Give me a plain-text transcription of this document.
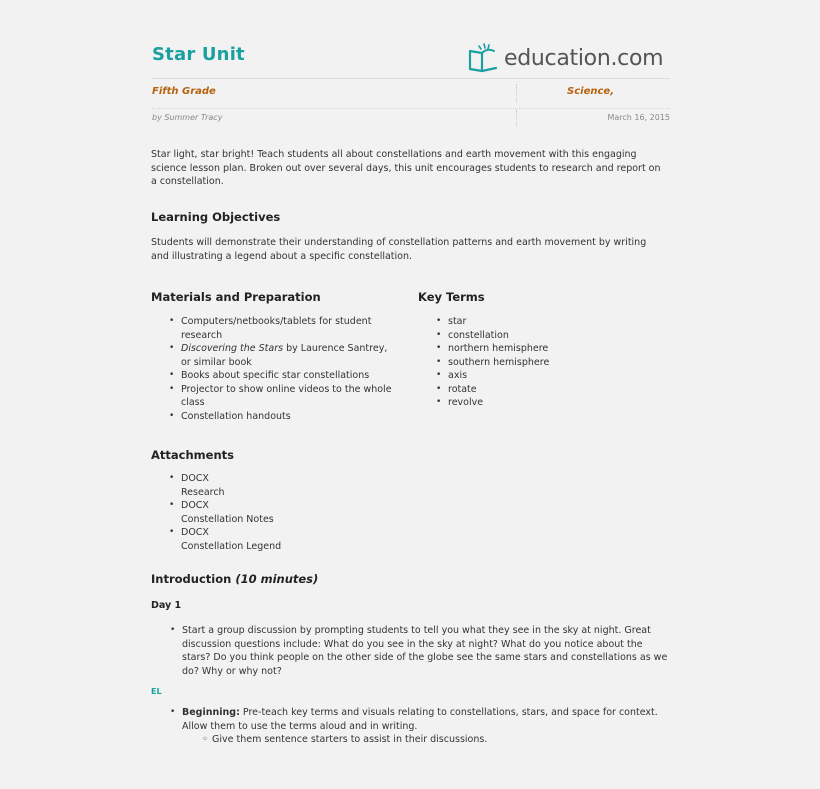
Star Unit	education.com
Fifth Grade	Science,
by Summer Tracy	March 16, 2015
Star light, star bright! Teach students all about constellations and earth movement with this engaging science lesson plan. Broken out over several days, this unit encourages students to research and report on a constellation.
Learning Objectives
Students will demonstrate their understanding of constellation patterns and earth movement by writing and illustrating a legend about a specific constellation.
Materials and Preparation
• Computers/netbooks/tablets for student research
• Discovering the Stars by Laurence Santrey, or similar book
• Books about specific star constellations
• Projector to show online videos to the whole class
• Constellation handouts
Key Terms
• star
• constellation
• northern hemisphere
• southern hemisphere
• axis
• rotate
• revolve
Attachments
• DOCX
Research
• DOCX
Constellation Notes
• DOCX
Constellation Legend
Introduction (10 minutes)
Day 1
• Start a group discussion by prompting students to tell you what they see in the sky at night. Great discussion questions include: What do you see in the sky at night? What do you notice about the stars? Do you think people on the other side of the globe see the same stars and constellations as we do? Why or why not?
EL
• Beginning: Pre-teach key terms and visuals relating to constellations, stars, and space for context. Allow them to use the terms aloud and in writing.
◦ Give them sentence starters to assist in their discussions.
